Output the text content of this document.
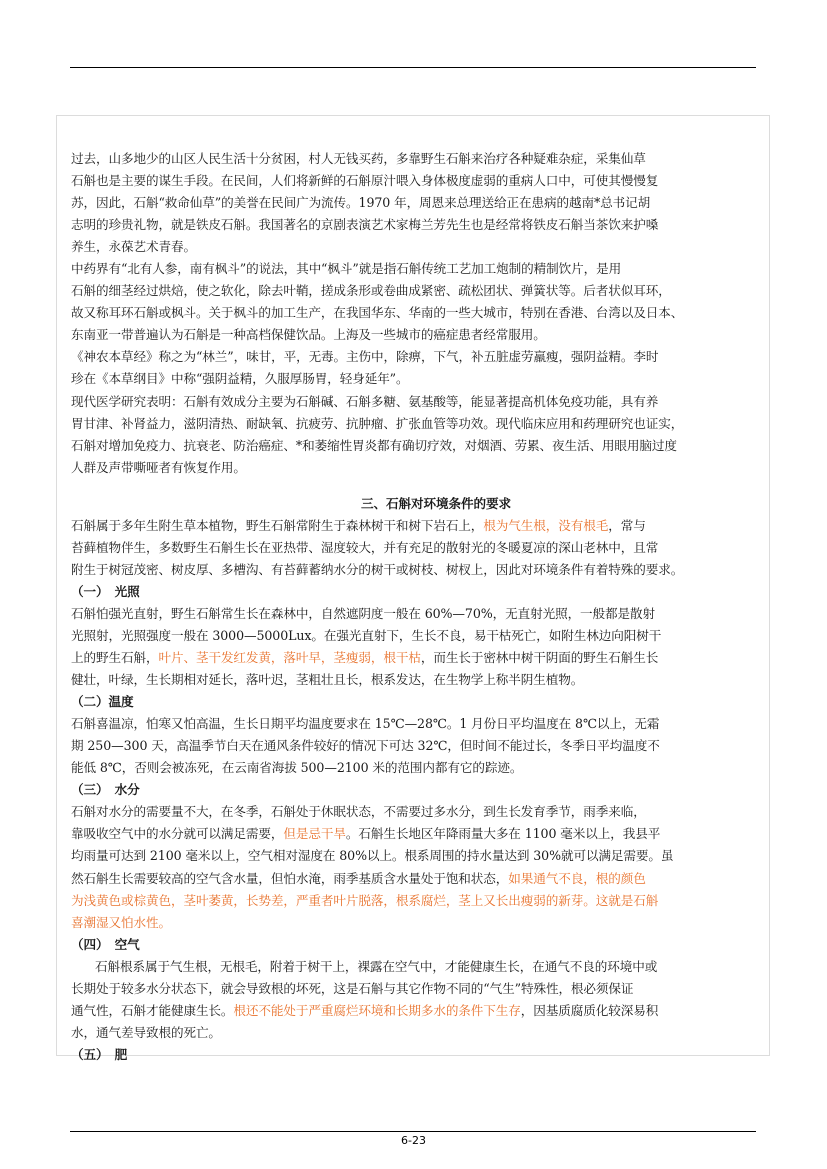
过去，山多地少的山区人民生活十分贫困，村人无钱买药，多靠野生石斛来治疗各种疑难杂症，采集仙草
石斛也是主要的谋生手段。在民间，人们将新鲜的石斛原汁喂入身体极度虚弱的重病人口中，可使其慢慢复
苏，因此，石斛“救命仙草”的美誉在民间广为流传。1970 年，周恩来总理送给正在患病的越南*总书记胡
志明的珍贵礼物，就是铁皮石斛。我国著名的京剧表演艺术家梅兰芳先生也是经常将铁皮石斛当茶饮来护嗓
养生，永葆艺术青春。

中药界有“北有人参，南有枫斗”的说法，其中“枫斗”就是指石斛传统工艺加工炮制的精制饮片，是用
石斛的细茎经过烘焙，使之软化，除去叶鞘，搓成条形或卷曲成紧密、疏松团状、弹簧状等。后者状似耳环，
故又称耳环石斛或枫斗。关于枫斗的加工生产，在我国华东、华南的一些大城市，特别在香港、台湾以及日本、
东南亚一带普遍认为石斛是一种高档保健饮品。上海及一些城市的癌症患者经常服用。

《神农本草经》称之为“林兰”，味甘，平，无毒。主伤中，除痹，下气，补五脏虚劳羸瘦，强阴益精。李时
珍在《本草纲目》中称“强阴益精，久服厚肠胃，轻身延年”。

现代医学研究表明：石斛有效成分主要为石斛碱、石斛多糖、氨基酸等，能显著提高机体免疫功能，具有养
胃甘津、补肾益力，滋阴清热、耐缺氧、抗疲劳、抗肿瘤、扩张血管等功效。现代临床应用和药理研究也证实，
石斛对增加免疫力、抗衰老、防治癌症、*和萎缩性胃炎都有确切疗效，对烟酒、劳累、夜生活、用眼用脑过度
人群及声带嘶哑者有恢复作用。

三、石斛对环境条件的要求

石斛属于多年生附生草本植物，野生石斛常附生于森林树干和树下岩石上，根为气生根，没有根毛，常与
苔藓植物伴生，多数野生石斛生长在亚热带、湿度较大，并有充足的散射光的冬暖夏凉的深山老林中，且常
附生于树冠茂密、树皮厚、多槽沟、有苔藓蓄纳水分的树干或树枝、树杈上，因此对环境条件有着特殊的要求。

（一）　光照

石斛怕强光直射，野生石斛常生长在森林中，自然遮阴度一般在 60%—70%，无直射光照，一般都是散射
光照射，光照强度一般在 3000—5000Lux。在强光直射下，生长不良，易干枯死亡，如附生林边向阳树干
上的野生石斛，叶片、茎干发红发黄，落叶早，茎瘦弱，根干枯，而生长于密林中树干阴面的野生石斛生长
健壮，叶绿，生长期相对延长，落叶迟，茎粗壮且长，根系发达，在生物学上称半阴生植物。

（二）温度

石斛喜温凉，怕寒又怕高温，生长日期平均温度要求在 15℃—28℃。1 月份日平均温度在 8℃以上，无霜
期 250—300 天，高温季节白天在通风条件较好的情况下可达 32℃，但时间不能过长，冬季日平均温度不
能低 8℃，否则会被冻死，在云南省海拔 500—2100 米的范围内都有它的踪迹。

（三）　水分

石斛对水分的需要量不大，在冬季，石斛处于休眠状态，不需要过多水分，到生长发育季节，雨季来临，
靠吸收空气中的水分就可以满足需要，但是忌干旱。石斛生长地区年降雨量大多在 1100 毫米以上，我县平
均雨量可达到 2100 毫米以上，空气相对湿度在 80%以上。根系周围的持水量达到 30%就可以满足需要。虽
然石斛生长需要较高的空气含水量，但怕水淹，雨季基质含水量处于饱和状态，如果通气不良，根的颜色
为浅黄色或棕黄色，茎叶萎黄，长势差，严重者叶片脱落，根系腐烂，茎上又长出瘦弱的新芽。这就是石斛
喜潮湿又怕水性。

（四）　空气

石斛根系属于气生根，无根毛，附着于树干上，裸露在空气中，才能健康生长，在通气不良的环境中或
长期处于较多水分状态下，就会导致根的坏死，这是石斛与其它作物不同的“气生”特殊性，根必须保证
通气性，石斛才能健康生长。根还不能处于严重腐烂环境和长期多水的条件下生存，因基质腐质化较深易积
水，通气差导致根的死亡。

（五）　肥

6-23
